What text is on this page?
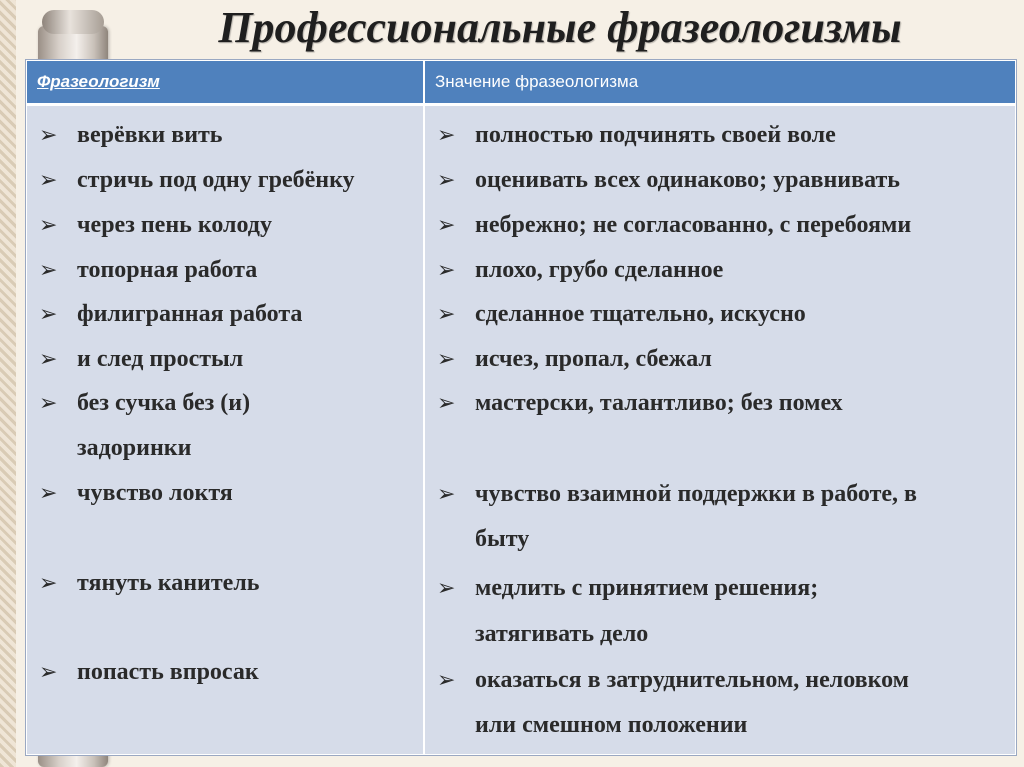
Профессиональные фразеологизмы
Фразеологизм	Значение фразеологизма
➢ верёвки вить
➢ стричь под одну гребёнку
➢ через пень колоду
➢ топорная работа
➢ филигранная работа
➢ и след простыл
➢ без сучка без (и)
задоринки
➢ чувство локтя
➢ тянуть канитель
➢ попасть впросак
➢ полностью подчинять своей воле
➢ оценивать всех одинаково; уравнивать
➢ небрежно; не согласованно, с перебоями
➢ плохо, грубо сделанное
➢ сделанное тщательно, искусно
➢ исчез, пропал, сбежал
➢ мастерски, талантливо; без помех
➢ чувство взаимной поддержки в работе, в
быту
➢ медлить с принятием решения;
затягивать дело
➢ оказаться в затруднительном, неловком
или смешном положении
